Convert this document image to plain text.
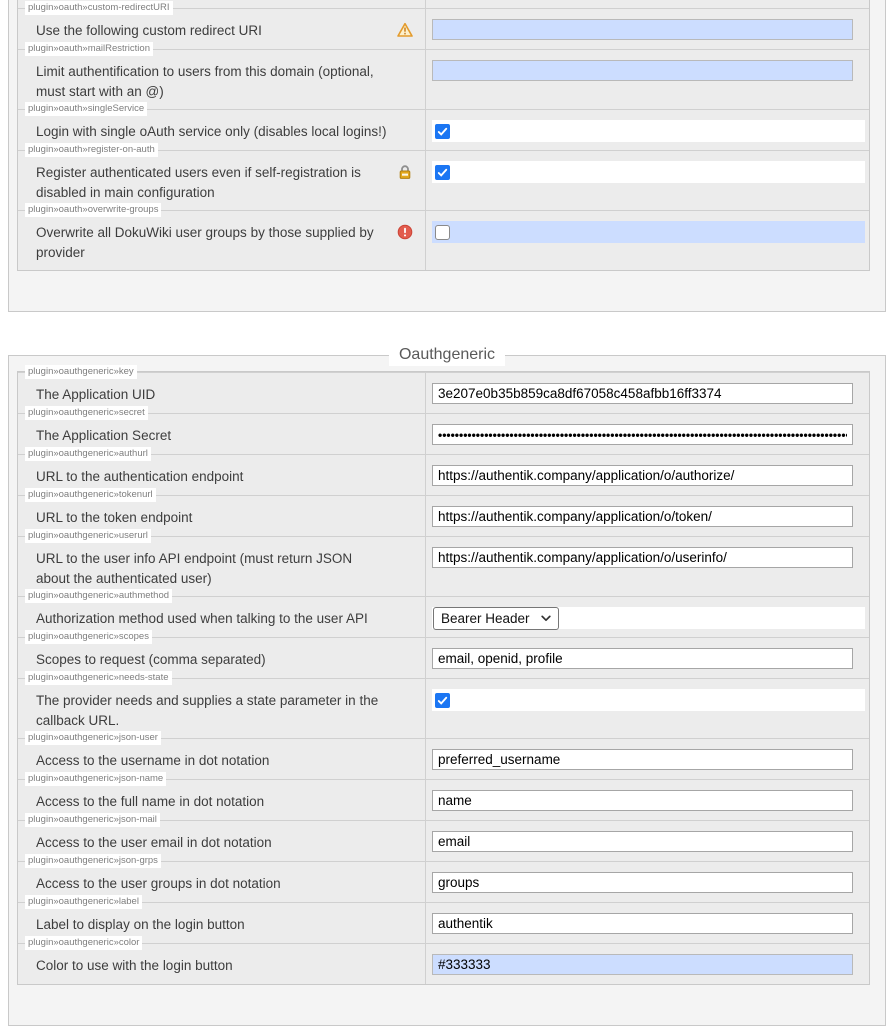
plugin»oauth»custom-redirectURI
Use the following custom redirect URI
plugin»oauth»mailRestriction
Limit authentification to users from this domain (optional, must start with an @)
plugin»oauth»singleService
Login with single oAuth service only (disables local logins!)
plugin»oauth»register-on-auth
Register authenticated users even if self-registration is disabled in main configuration
plugin»oauth»overwrite-groups
Overwrite all DokuWiki user groups by those supplied by provider
Oauthgeneric
plugin»oauthgeneric»key
The Application UID
3e207e0b35b859ca8df67058c458afbb16ff3374
plugin»oauthgeneric»secret
The Application Secret
••••••••••••••••••••••••••••••••••••••••••••••••••••••••••••••••••••••••••••••••••••••••••••••••••••••••••
plugin»oauthgeneric»authurl
URL to the authentication endpoint
https://authentik.company/application/o/authorize/
plugin»oauthgeneric»tokenurl
URL to the token endpoint
https://authentik.company/application/o/token/
plugin»oauthgeneric»userurl
URL to the user info API endpoint (must return JSON about the authenticated user)
https://authentik.company/application/o/userinfo/
plugin»oauthgeneric»authmethod
Authorization method used when talking to the user API	Bearer Header
plugin»oauthgeneric»scopes
Scopes to request (comma separated)
email, openid, profile
plugin»oauthgeneric»needs-state
The provider needs and supplies a state parameter in the callback URL.
plugin»oauthgeneric»json-user
Access to the username in dot notation
preferred_username
plugin»oauthgeneric»json-name
Access to the full name in dot notation
name
plugin»oauthgeneric»json-mail
Access to the user email in dot notation
email
plugin»oauthgeneric»json-grps
Access to the user groups in dot notation
groups
plugin»oauthgeneric»label
Label to display on the login button
authentik
plugin»oauthgeneric»color
Color to use with the login button
#333333
